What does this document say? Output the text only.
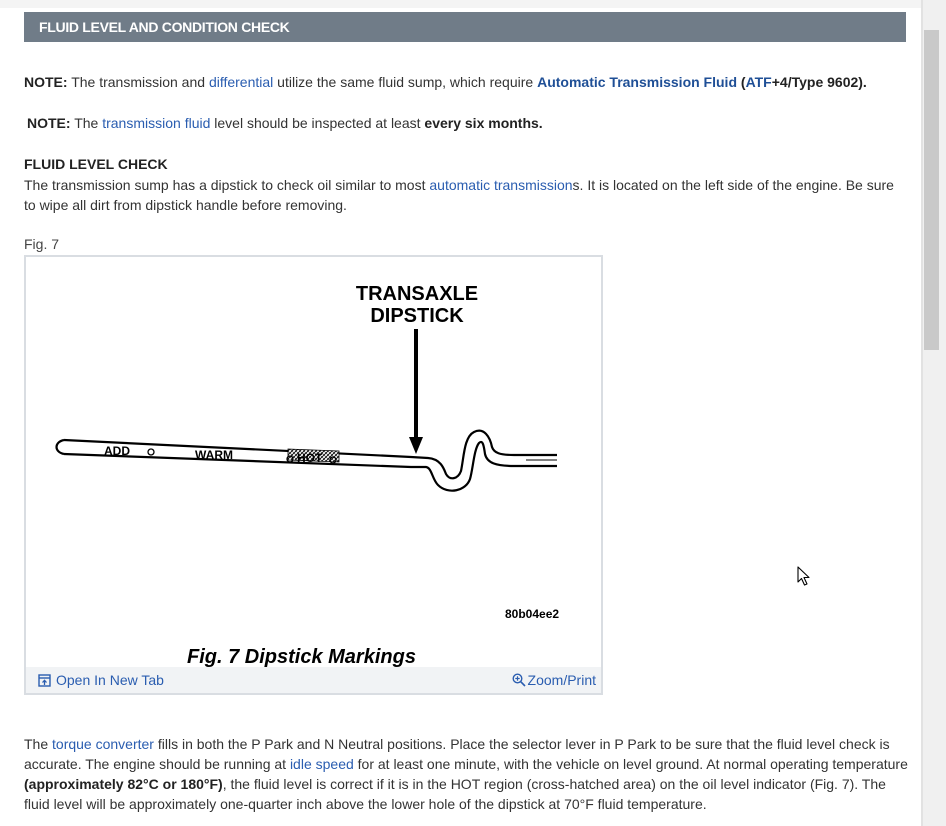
FLUID LEVEL AND CONDITION CHECK
NOTE: The transmission and differential utilize the same fluid sump, which require Automatic Transmission Fluid (ATF+4/Type 9602).
NOTE: The transmission fluid level should be inspected at least every six months.
FLUID LEVEL CHECK
The transmission sump has a dipstick to check oil similar to most automatic transmissions. It is located on the left side of the engine. Be sure to wipe all dirt from dipstick handle before removing.
Fig. 7
TRANSAXLE
DIPSTICK
ADD	WARM	HOT
80b04ee2
Fig. 7 Dipstick Markings
Open In New Tab	Zoom/Print
The torque converter fills in both the P Park and N Neutral positions. Place the selector lever in P Park to be sure that the fluid level check is accurate. The engine should be running at idle speed for at least one minute, with the vehicle on level ground. At normal operating temperature (approximately 82°C or 180°F), the fluid level is correct if it is in the HOT region (cross-hatched area) on the oil level indicator (Fig. 7). The fluid level will be approximately one-quarter inch above the lower hole of the dipstick at 70°F fluid temperature.
